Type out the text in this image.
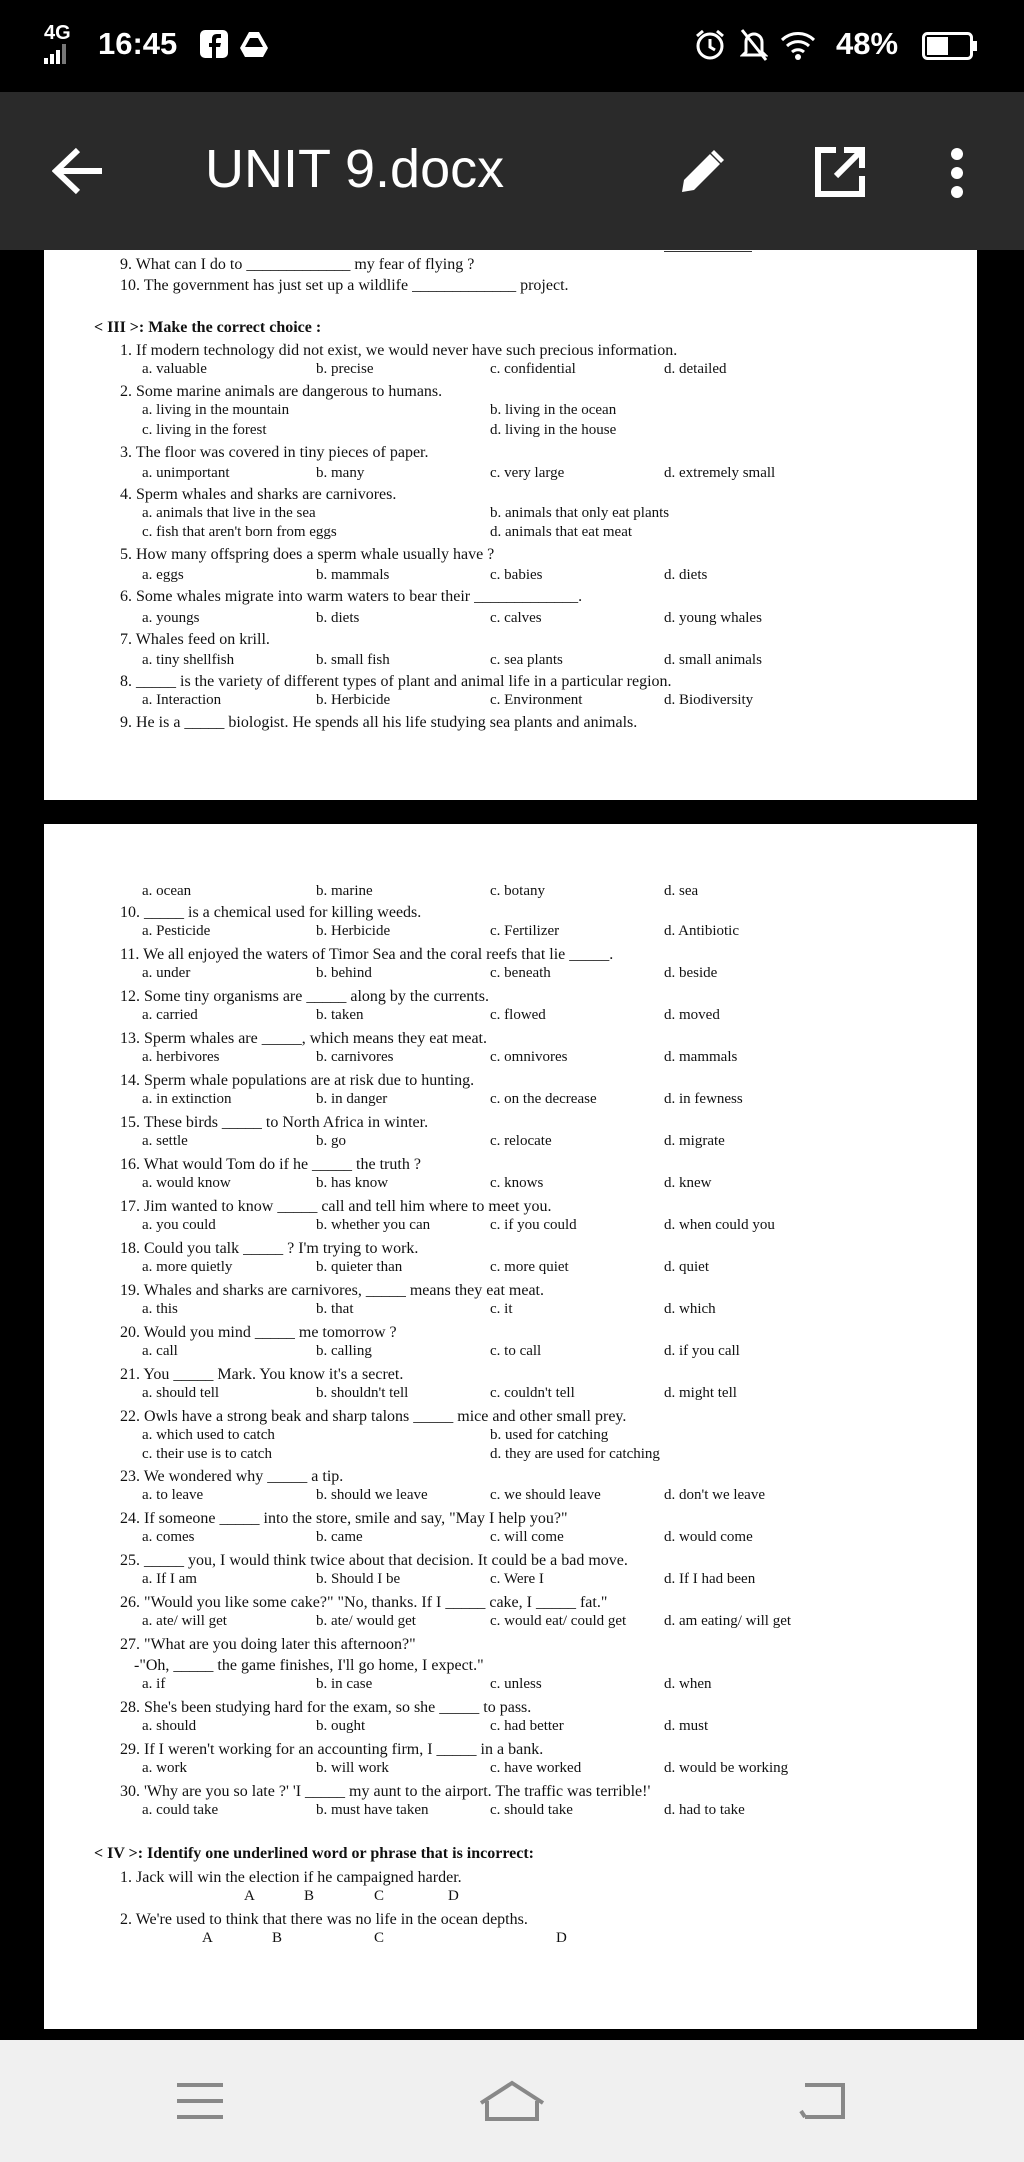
4G 16:45	48%
UNIT 9.docx
9. What can I do to _____________ my fear of flying ?
10. The government has just set up a wildlife _____________ project.
< III >: Make the correct choice :
1. If modern technology did not exist, we would never have such precious information.
a. valuable	b. precise	c. confidential	d. detailed
2. Some marine animals are dangerous to humans.
a. living in the mountain	b. living in the ocean
c. living in the forest	d. living in the house
3. The floor was covered in tiny pieces of paper.
a. unimportant	b. many	c. very large	d. extremely small
4. Sperm whales and sharks are carnivores.
a. animals that live in the sea	b. animals that only eat plants
c. fish that aren't born from eggs	d. animals that eat meat
5. How many offspring does a sperm whale usually have ?
a. eggs	b. mammals	c. babies	d. diets
6. Some whales migrate into warm waters to bear their _____________.
a. youngs	b. diets	c. calves	d. young whales
7. Whales feed on krill.
a. tiny shellfish	b. small fish	c. sea plants	d. small animals
8. _____ is the variety of different types of plant and animal life in a particular region.
a. Interaction	b. Herbicide	c. Environment	d. Biodiversity
9. He is a _____ biologist. He spends all his life studying sea plants and animals.
a. ocean	b. marine	c. botany	d. sea
10. _____ is a chemical used for killing weeds.
a. Pesticide	b. Herbicide	c. Fertilizer	d. Antibiotic
11. We all enjoyed the waters of Timor Sea and the coral reefs that lie _____.
a. under	b. behind	c. beneath	d. beside
12. Some tiny organisms are _____ along by the currents.
a. carried	b. taken	c. flowed	d. moved
13. Sperm whales are _____, which means they eat meat.
a. herbivores	b. carnivores	c. omnivores	d. mammals
14. Sperm whale populations are at risk due to hunting.
a. in extinction	b. in danger	c. on the decrease	d. in fewness
15. These birds _____ to North Africa in winter.
a. settle	b. go	c. relocate	d. migrate
16. What would Tom do if he _____ the truth ?
a. would know	b. has know	c. knows	d. knew
17. Jim wanted to know _____ call and tell him where to meet you.
a. you could	b. whether you can	c. if you could	d. when could you
18. Could you talk _____ ? I'm trying to work.
a. more quietly	b. quieter than	c. more quiet	d. quiet
19. Whales and sharks are carnivores, _____ means they eat meat.
a. this	b. that	c. it	d. which
20. Would you mind _____ me tomorrow ?
a. call	b. calling	c. to call	d. if you call
21. You _____ Mark. You know it's a secret.
a. should tell	b. shouldn't tell	c. couldn't tell	d. might tell
22. Owls have a strong beak and sharp talons _____ mice and other small prey.
a. which used to catch	b. used for catching
c. their use is to catch	d. they are used for catching
23. We wondered why _____ a tip.
a. to leave	b. should we leave	c. we should leave	d. don't we leave
24. If someone _____ into the store, smile and say, "May I help you?"
a. comes	b. came	c. will come	d. would come
25. _____ you, I would think twice about that decision. It could be a bad move.
a. If I am	b. Should I be	c. Were I	d. If I had been
26. "Would you like some cake?" "No, thanks. If I _____ cake, I _____ fat."
a. ate/ will get	b. ate/ would get	c. would eat/ could get	d. am eating/ will get
27. "What are you doing later this afternoon?"
-"Oh, _____ the game finishes, I'll go home, I expect."
a. if	b. in case	c. unless	d. when
28. She's been studying hard for the exam, so she _____ to pass.
a. should	b. ought	c. had better	d. must
29. If I weren't working for an accounting firm, I _____ in a bank.
a. work	b. will work	c. have worked	d. would be working
30. 'Why are you so late ?' 'I _____ my aunt to the airport. The traffic was terrible!'
a. could take	b. must have taken	c. should take	d. had to take
< IV >: Identify one underlined word or phrase that is incorrect:
1. Jack will win the election if he campaigned harder.
A	B	C	D
2. We're used to think that there was no life in the ocean depths.
A	B	C	D
